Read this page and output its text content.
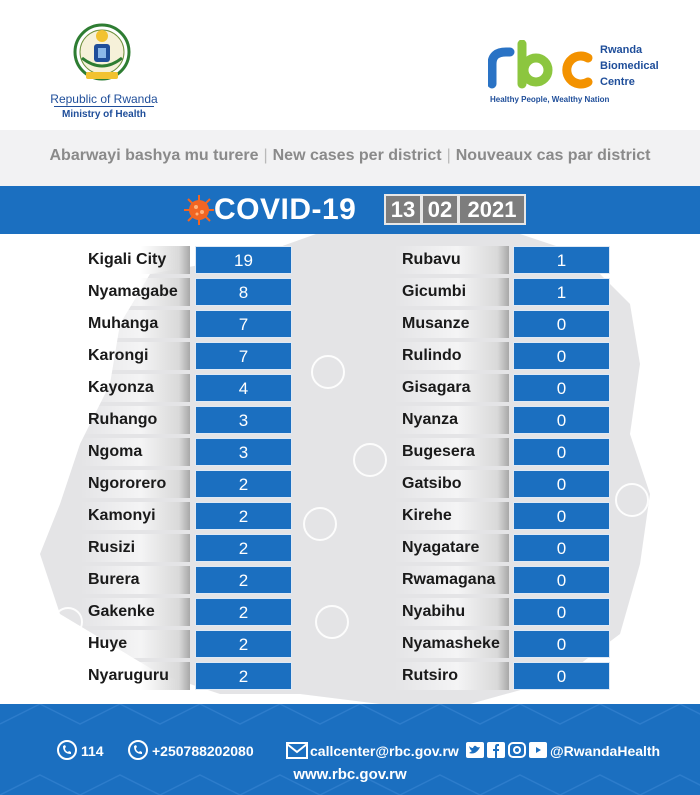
Republic of Rwanda
Ministry of Health
Rwanda
Biomedical
Centre
Healthy People, Wealthy Nation
Abarwayi bashya mu turere | New cases per district | Nouveaux cas par district
COVID-19	13 02 2021
Kigali City	19
Nyamagabe	8
Muhanga	7
Karongi	7
Kayonza	4
Ruhango	3
Ngoma	3
Ngororero	2
Kamonyi	2
Rusizi	2
Burera	2
Gakenke	2
Huye	2
Nyaruguru	2
Rubavu	1
Gicumbi	1
Musanze	0
Rulindo	0
Gisagara	0
Nyanza	0
Bugesera	0
Gatsibo	0
Kirehe	0
Nyagatare	0
Rwamagana	0
Nyabihu	0
Nyamasheke	0
Rutsiro	0
114	+250788202080	callcenter@rbc.gov.rw	@RwandaHealth
www.rbc.gov.rw
